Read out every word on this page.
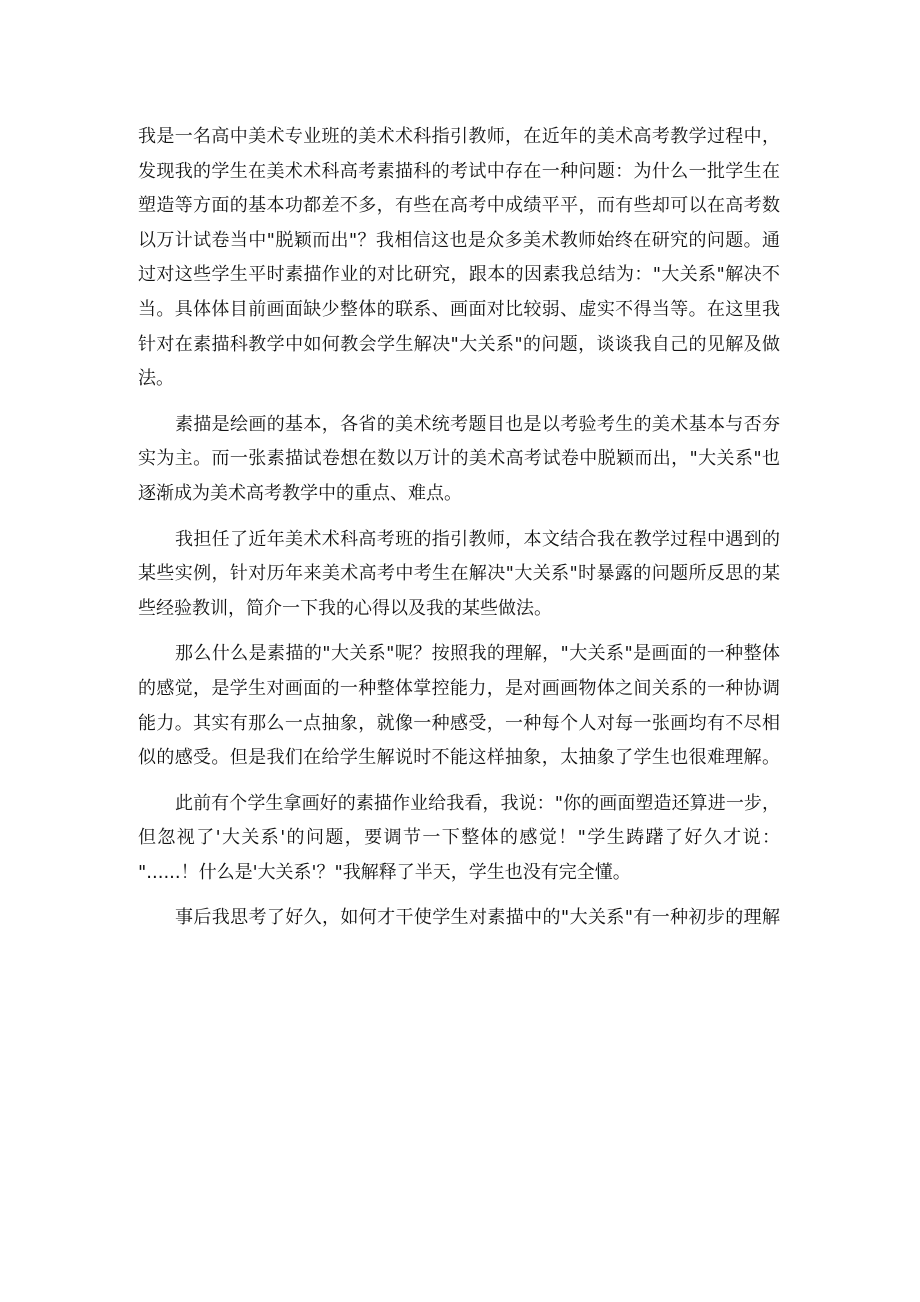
我是一名高中美术专业班的美术术科指引教师，在近年的美术高考教学过程中，
发现我的学生在美术术科高考素描科的考试中存在一种问题：为什么一批学生在
塑造等方面的基本功都差不多，有些在高考中成绩平平，而有些却可以在高考数
以万计试卷当中"脱颖而出"？我相信这也是众多美术教师始终在研究的问题。通
过对这些学生平时素描作业的对比研究，跟本的因素我总结为："大关系"解决不
当。具体体目前画面缺少整体的联系、画面对比较弱、虚实不得当等。在这里我
针对在素描科教学中如何教会学生解决"大关系"的问题，谈谈我自己的见解及做
法。
素描是绘画的基本，各省的美术统考题目也是以考验考生的美术基本与否夯
实为主。而一张素描试卷想在数以万计的美术高考试卷中脱颖而出，"大关系"也
逐渐成为美术高考教学中的重点、难点。
我担任了近年美术术科高考班的指引教师，本文结合我在教学过程中遇到的
某些实例，针对历年来美术高考中考生在解决"大关系"时暴露的问题所反思的某
些经验教训，简介一下我的心得以及我的某些做法。
那么什么是素描的"大关系"呢？按照我的理解，"大关系"是画面的一种整体
的感觉，是学生对画面的一种整体掌控能力，是对画画物体之间关系的一种协调
能力。其实有那么一点抽象，就像一种感受，一种每个人对每一张画均有不尽相
似的感受。但是我们在给学生解说时不能这样抽象，太抽象了学生也很难理解。
此前有个学生拿画好的素描作业给我看，我说："你的画面塑造还算进一步，
但忽视了'大关系'的问题，要调节一下整体的感觉！"学生踌躇了好久才说：
"......！什么是'大关系'？"我解释了半天，学生也没有完全懂。
事后我思考了好久，如何才干使学生对素描中的"大关系"有一种初步的理解
